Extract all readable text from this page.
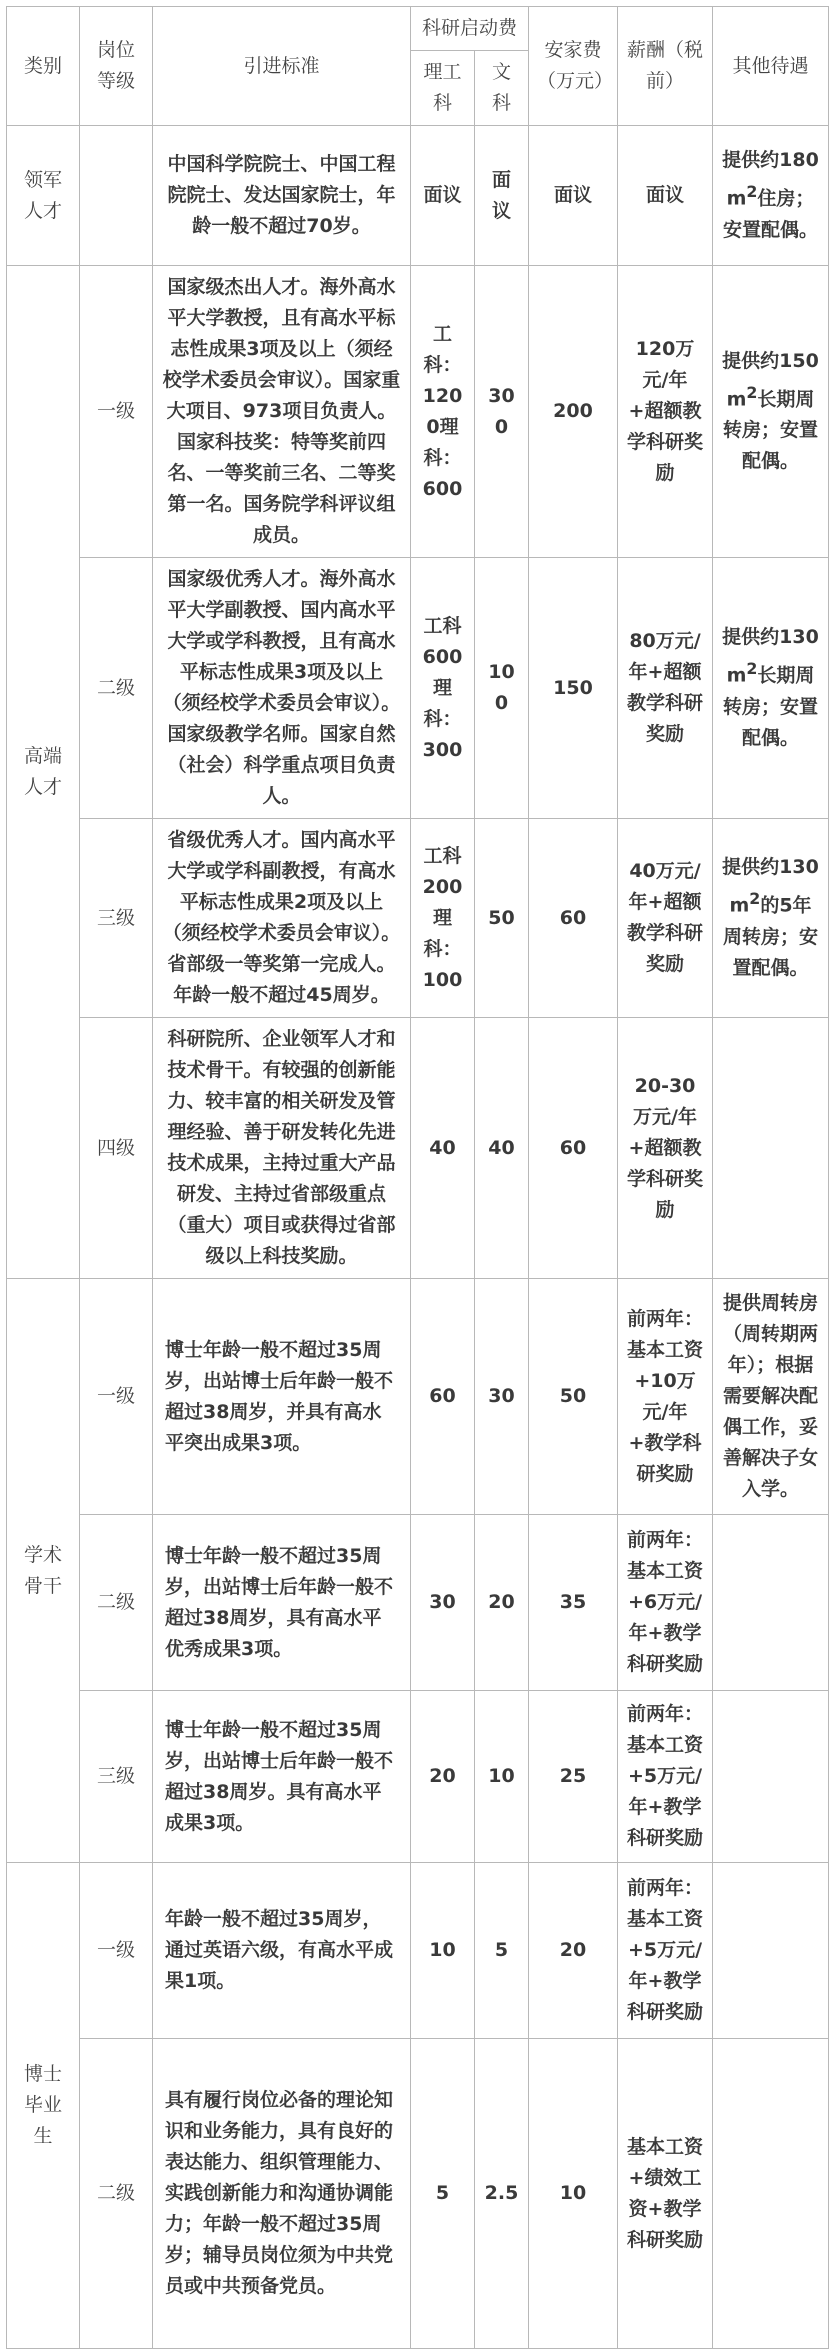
类别	岗位等级	引进标准	科研启动费		安家费（万元）	薪酬（税前）	其他待遇
			理工科	文科			
领军人才		中国科学院院士、中国工程院院士、发达国家院士，年龄一般不超过70岁。	面议	面议	面议	面议	提供约$180m^2$住房；安置配偶。
高端人才	一级	国家级杰出人才。海外高水平大学教授，且有高水平标志性成果3项及以上（须经校学术委员会审议）。国家重大项目、973项目负责人。国家科技奖：特等奖前四名、一等奖前三名、二等奖第一名。国务院学科评议组成员。	工科：1200理科：600	300	200	120万元/年+超额教学科研奖励	提供约$150m^2$长期周转房；安置配偶。
	二级	国家级优秀人才。海外高水平大学副教授、国内高水平大学或学科教授，且有高水平标志性成果3项及以上（须经校学术委员会审议）。国家级教学名师。国家自然（社会）科学重点项目负责人。	工科600理科：300	100	150	80万元/年+超额教学科研奖励	提供约$130m^2$长期周转房；安置配偶。
	三级	省级优秀人才。国内高水平大学或学科副教授，有高水平标志性成果2项及以上（须经校学术委员会审议）。省部级一等奖第一完成人。年龄一般不超过45周岁。	工科200理科：100	50	60	40万元/年+超额教学科研奖励	提供约$130m^2$的5年周转房；安置配偶。
	四级	科研院所、企业领军人才和技术骨干。有较强的创新能力、较丰富的相关研发及管理经验、善于研发转化先进技术成果，主持过重大产品研发、主持过省部级重点（重大）项目或获得过省部级以上科技奖励。	40	40	60	20-30万元/年+超额教学科研奖励	
学术骨干	一级	博士年龄一般不超过35周岁，出站博士后年龄一般不超过38周岁，并具有高水平突出成果3项。	60	30	50	前两年：基本工资+10万元/年+教学科研奖励	提供周转房（周转期两年）；根据需要解决配偶工作，妥善解决子女入学。
	二级	博士年龄一般不超过35周岁，出站博士后年龄一般不超过38周岁，具有高水平优秀成果3项。	30	20	35	前两年：基本工资+6万元/年+教学科研奖励	
	三级	博士年龄一般不超过35周岁，出站博士后年龄一般不超过38周岁。具有高水平成果3项。	20	10	25	前两年：基本工资+5万元/年+教学科研奖励	
博士毕业生	一级	年龄一般不超过35周岁，通过英语六级，有高水平成果1项。	10	5	20	前两年：基本工资+5万元/年+教学科研奖励	
	二级	具有履行岗位必备的理论知识和业务能力，具有良好的表达能力、组织管理能力、实践创新能力和沟通协调能力；年龄一般不超过35周岁；辅导员岗位须为中共党员或中共预备党员。	5	2.5	10	基本工资+绩效工资+教学科研奖励	
